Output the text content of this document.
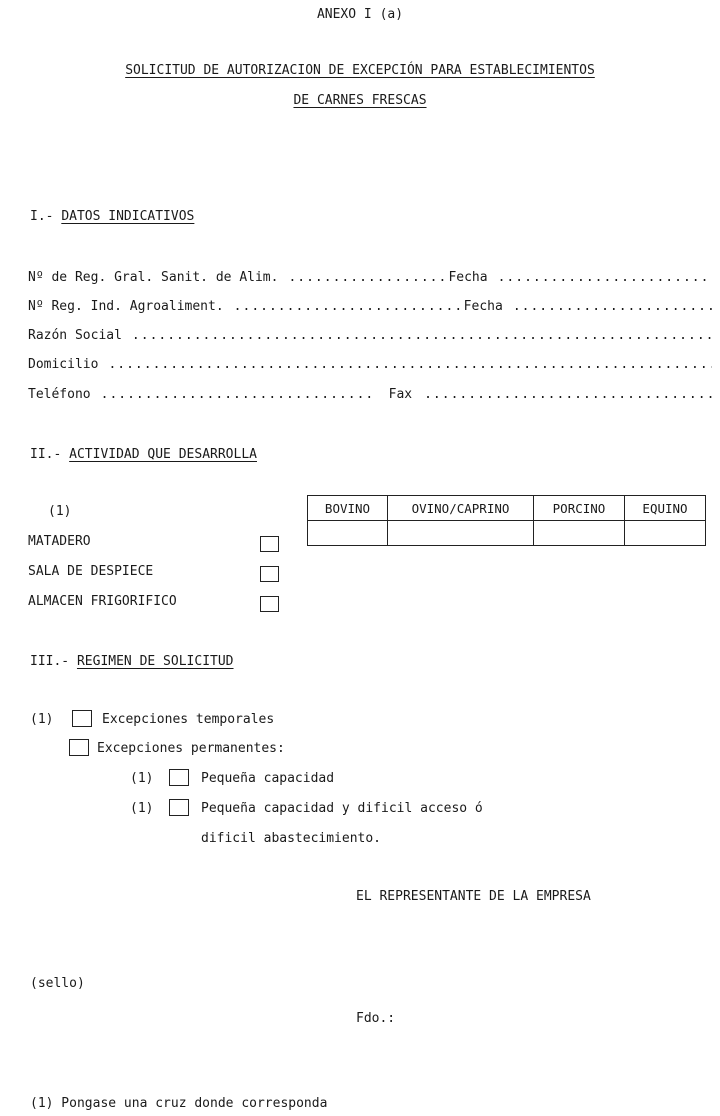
ANEXO I (a)
SOLICITUD DE AUTORIZACION DE EXCEPCIÓN PARA ESTABLECIMIENTOS
DE CARNES FRESCAS
I.- DATOS INDICATIVOS
Nº de Reg. Gral. Sanit. de Alim. .....	Fecha
.....
Nº Reg. Ind. Agroaliment. .....	Fecha
.....
Razón Social
.....
Domicilio
.....
Teléfono .....	Fax
.....
II.- ACTIVIDAD QUE DESARROLLA
(1)
MATADERO
SALA DE DESPIECE
ALMACEN FRIGORIFICO
BOVINO	OVINO/CAPRINO	PORCINO	EQUINO

III.- REGIMEN DE SOLICITUD
(1)	Excepciones temporales
Excepciones permanentes:
(1)	Pequeña capacidad
(1)	Pequeña capacidad y dificil acceso ó
dificil abastecimiento.
EL REPRESENTANTE DE LA EMPRESA
(sello)
Fdo.:
(1) Pongase una cruz donde corresponda
